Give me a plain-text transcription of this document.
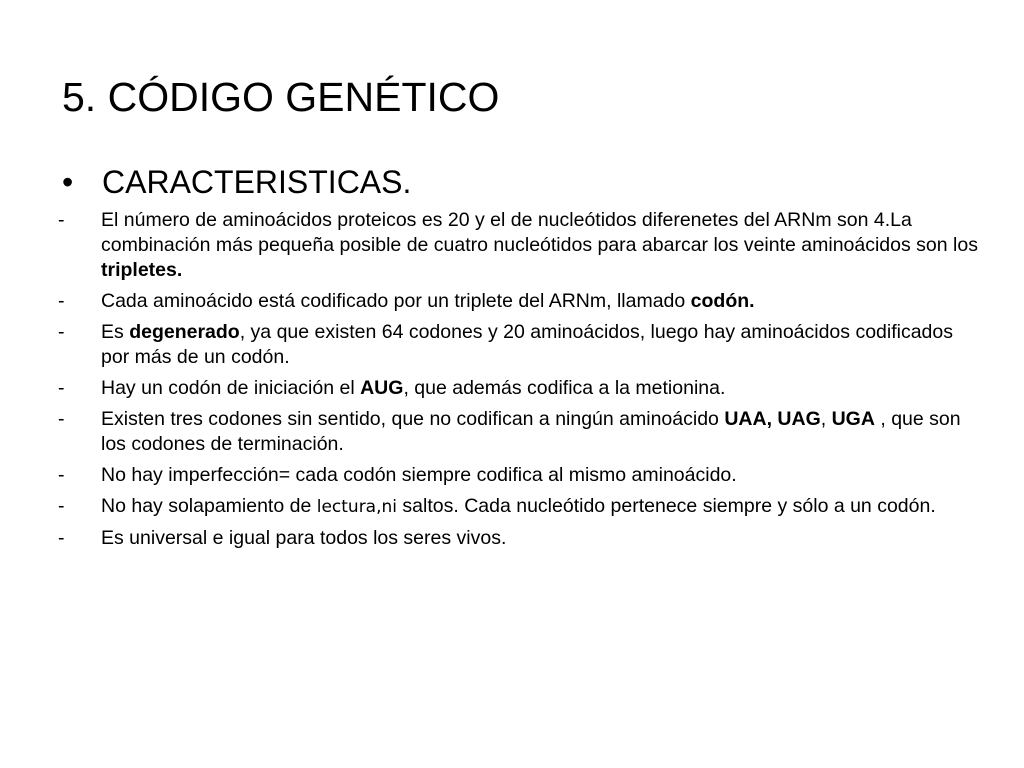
5. CÓDIGO GENÉTICO
• CARACTERISTICAS.
- El número de aminoácidos proteicos es 20 y el de nucleótidos diferenetes del ARNm son 4.La combinación más pequeña posible de cuatro nucleótidos para abarcar los veinte aminoácidos son los tripletes.
- Cada aminoácido está codificado por un triplete del ARNm, llamado codón.
- Es degenerado, ya que existen 64 codones y 20 aminoácidos, luego hay aminoácidos codificados por más de un codón.
- Hay un codón de iniciación el AUG, que además codifica a la metionina.
- Existen tres codones sin sentido, que no codifican a ningún aminoácido UAA, UAG, UGA , que son los codones de terminación.
- No hay imperfección= cada codón siempre codifica al mismo aminoácido.
- No hay solapamiento de lectura,ni saltos. Cada nucleótido pertenece siempre y sólo a un codón.
- Es universal e igual para todos los seres vivos.
